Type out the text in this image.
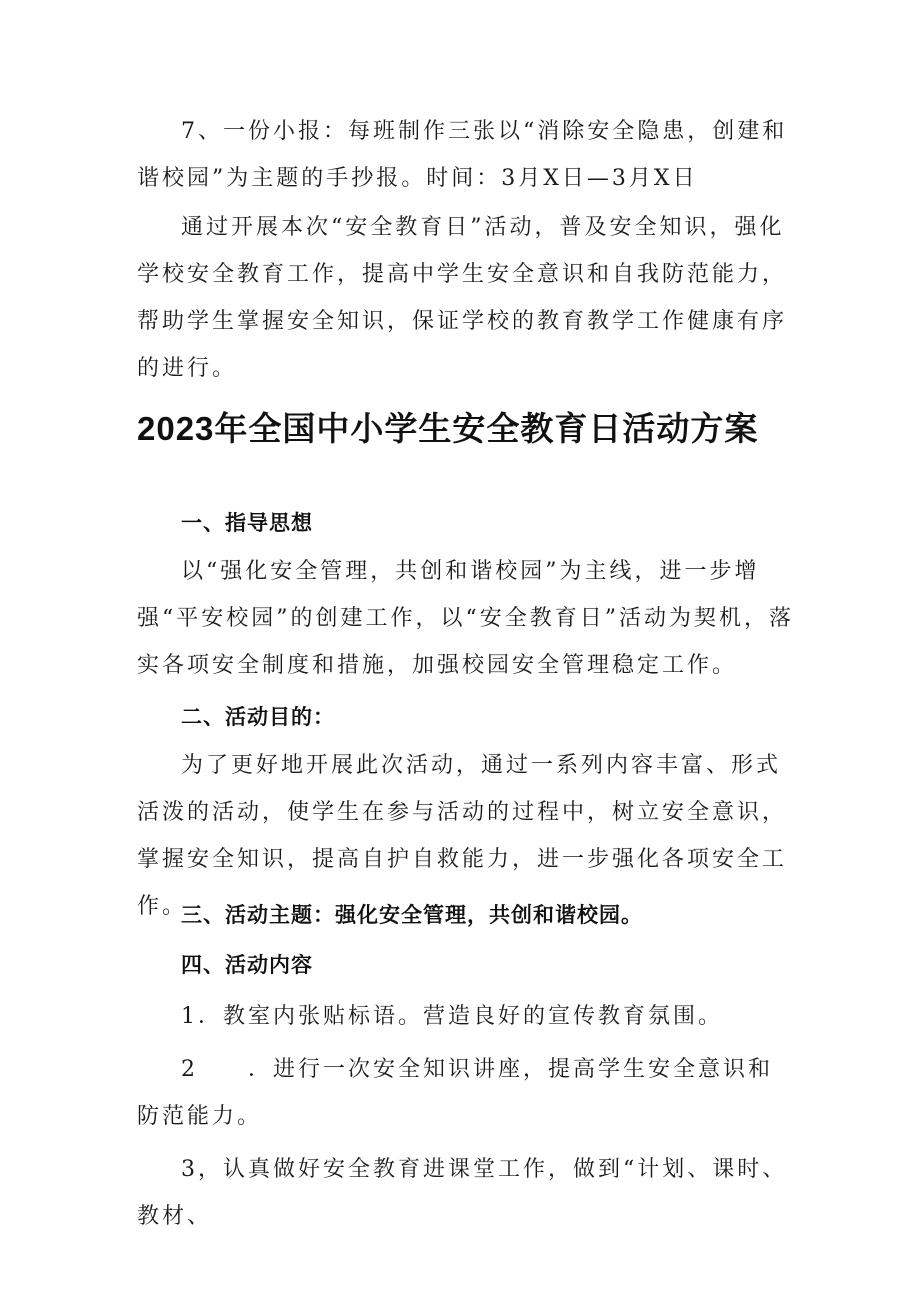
7、一份小报：每班制作三张以“消除安全隐患，创建和谐校园”为主题的手抄报。时间：3月X日—3月X日

通过开展本次“安全教育日”活动，普及安全知识，强化学校安全教育工作，提高中学生安全意识和自我防范能力，帮助学生掌握安全知识，保证学校的教育教学工作健康有序的进行。

2023年全国中小学生安全教育日活动方案
一、指导思想

以“强化安全管理，共创和谐校园”为主线，进一步增强“平安校园”的创建工作，以“安全教育日”活动为契机，落实各项安全制度和措施，加强校园安全管理稳定工作。

二、活动目的：

为了更好地开展此次活动，通过一系列内容丰富、形式活泼的活动，使学生在参与活动的过程中，树立安全意识，掌握安全知识，提高自护自救能力，进一步强化各项安全工作。

三、活动主题：强化安全管理，共创和谐校园。
四、活动内容

1．教室内张贴标语。营造良好的宣传教育氛围。

2　　．进行一次安全知识讲座，提高学生安全意识和防范能力。

3，认真做好安全教育进课堂工作，做到“计划、课时、教材、
